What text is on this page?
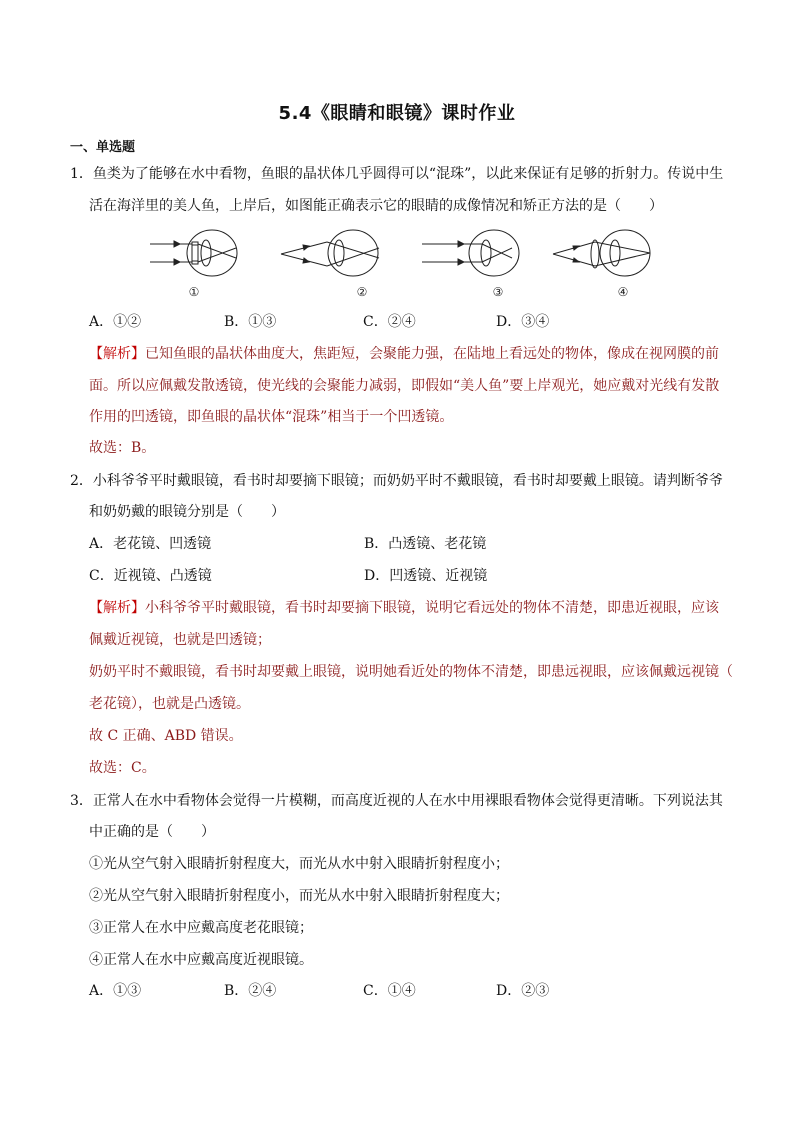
5.4《眼睛和眼镜》课时作业
一、单选题
1．鱼类为了能够在水中看物，鱼眼的晶状体几乎圆得可以“混珠”，以此来保证有足够的折射力。传说中生
活在海洋里的美人鱼，上岸后，如图能正确表示它的眼睛的成像情况和矫正方法的是（　　）
①	②	③	④
A．①②	B．①③	C．②④	D．③④
【解析】已知鱼眼的晶状体曲度大，焦距短，会聚能力强，在陆地上看远处的物体，像成在视网膜的前
面。所以应佩戴发散透镜，使光线的会聚能力减弱，即假如“美人鱼”要上岸观光，她应戴对光线有发散
作用的凹透镜，即鱼眼的晶状体“混珠”相当于一个凹透镜。
故选：B。
2．小科爷爷平时戴眼镜，看书时却要摘下眼镜；而奶奶平时不戴眼镜，看书时却要戴上眼镜。请判断爷爷
和奶奶戴的眼镜分别是（　　）
A．老花镜、凹透镜	B．凸透镜、老花镜
C．近视镜、凸透镜	D．凹透镜、近视镜
【解析】小科爷爷平时戴眼镜，看书时却要摘下眼镜，说明它看远处的物体不清楚，即患近视眼，应该
佩戴近视镜，也就是凹透镜；
奶奶平时不戴眼镜，看书时却要戴上眼镜，说明她看近处的物体不清楚，即患远视眼，应该佩戴远视镜（
老花镜），也就是凸透镜。
故 C 正确、ABD 错误。
故选：C。
3．正常人在水中看物体会觉得一片模糊，而高度近视的人在水中用裸眼看物体会觉得更清晰。下列说法其
中正确的是（　　）
①光从空气射入眼睛折射程度大，而光从水中射入眼睛折射程度小；
②光从空气射入眼睛折射程度小，而光从水中射入眼睛折射程度大；
③正常人在水中应戴高度老花眼镜；
④正常人在水中应戴高度近视眼镜。
A．①③	B．②④	C．①④	D．②③
